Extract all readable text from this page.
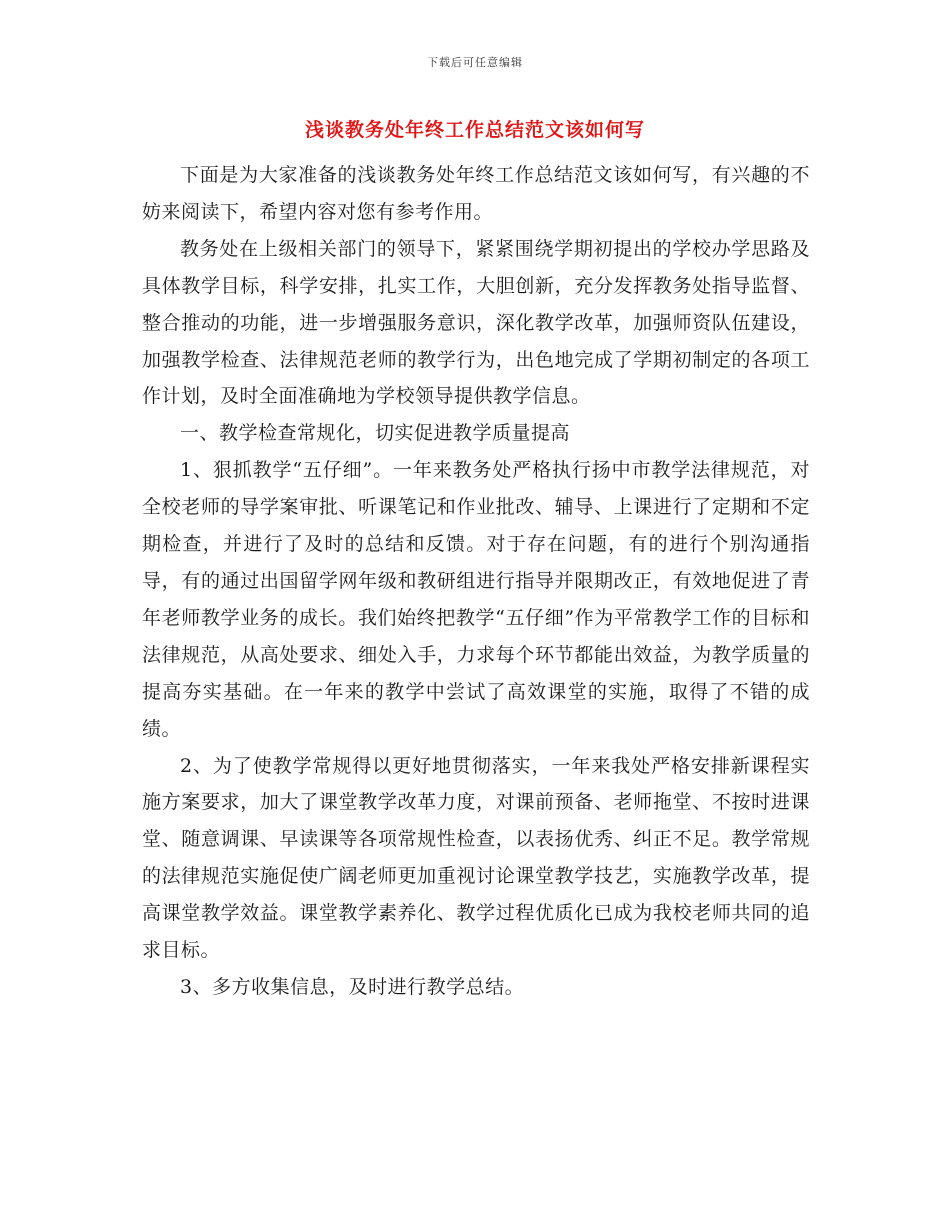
下载后可任意编辑
浅谈教务处年终工作总结范文该如何写

下面是为大家准备的浅谈教务处年终工作总结范文该如何写，有兴趣的不妨来阅读下，希望内容对您有参考作用。

教务处在上级相关部门的领导下，紧紧围绕学期初提出的学校办学思路及具体教学目标，科学安排，扎实工作，大胆创新，充分发挥教务处指导监督、整合推动的功能，进一步增强服务意识，深化教学改革，加强师资队伍建设，加强教学检查、法律规范老师的教学行为，出色地完成了学期初制定的各项工作计划，及时全面准确地为学校领导提供教学信息。

一、教学检查常规化，切实促进教学质量提高

1、狠抓教学“五仔细”。一年来教务处严格执行扬中市教学法律规范，对全校老师的导学案审批、听课笔记和作业批改、辅导、上课进行了定期和不定期检查，并进行了及时的总结和反馈。对于存在问题，有的进行个别沟通指导，有的通过出国留学网年级和教研组进行指导并限期改正，有效地促进了青年老师教学业务的成长。我们始终把教学“五仔细”作为平常教学工作的目标和法律规范，从高处要求、细处入手，力求每个环节都能出效益，为教学质量的提高夯实基础。在一年来的教学中尝试了高效课堂的实施，取得了不错的成绩。

2、为了使教学常规得以更好地贯彻落实，一年来我处严格安排新课程实施方案要求，加大了课堂教学改革力度，对课前预备、老师拖堂、不按时进课堂、随意调课、早读课等各项常规性检查，以表扬优秀、纠正不足。教学常规的法律规范实施促使广阔老师更加重视讨论课堂教学技艺，实施教学改革，提高课堂教学效益。课堂教学素养化、教学过程优质化已成为我校老师共同的追求目标。

3、多方收集信息，及时进行教学总结。
